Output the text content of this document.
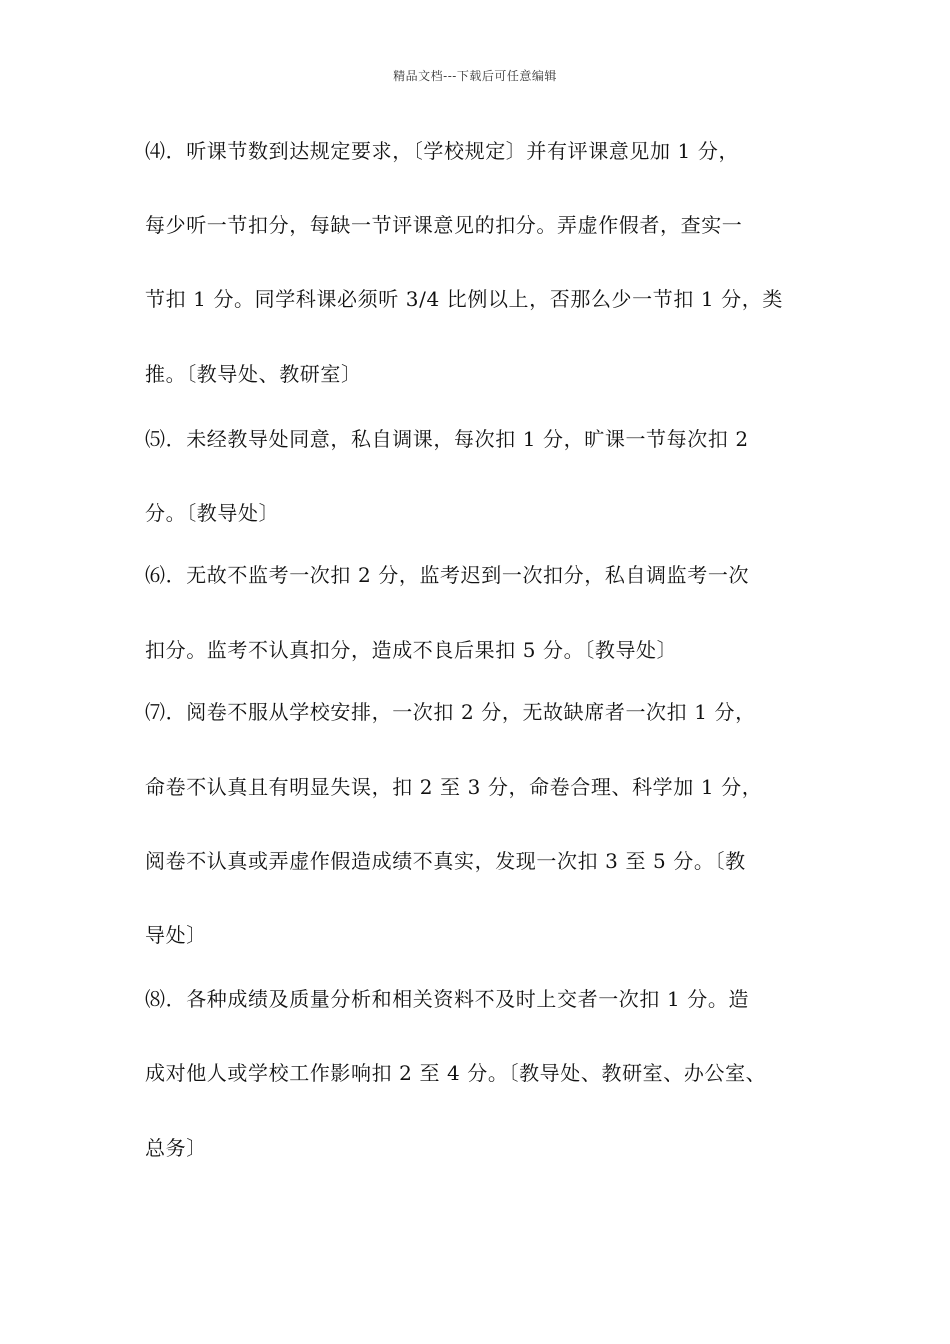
精品文档---下载后可任意编辑
⑷．听课节数到达规定要求，〔学校规定〕并有评课意见加 1 分，
每少听一节扣分，每缺一节评课意见的扣分。弄虚作假者，查实一
节扣 1 分。同学科课必须听 3/4 比例以上，否那么少一节扣 1 分，类
推。〔教导处、教研室〕
⑸．未经教导处同意，私自调课，每次扣 1 分，旷课一节每次扣 2
分。〔教导处〕
⑹．无故不监考一次扣 2 分，监考迟到一次扣分，私自调监考一次
扣分。监考不认真扣分，造成不良后果扣 5 分。〔教导处〕
⑺．阅卷不服从学校安排，一次扣 2 分，无故缺席者一次扣 1 分，
命卷不认真且有明显失误，扣 2 至 3 分，命卷合理、科学加 1 分，
阅卷不认真或弄虚作假造成绩不真实，发现一次扣 3 至 5 分。〔教
导处〕
⑻．各种成绩及质量分析和相关资料不及时上交者一次扣 1 分。造
成对他人或学校工作影响扣 2 至 4 分。〔教导处、教研室、办公室、
总务〕
